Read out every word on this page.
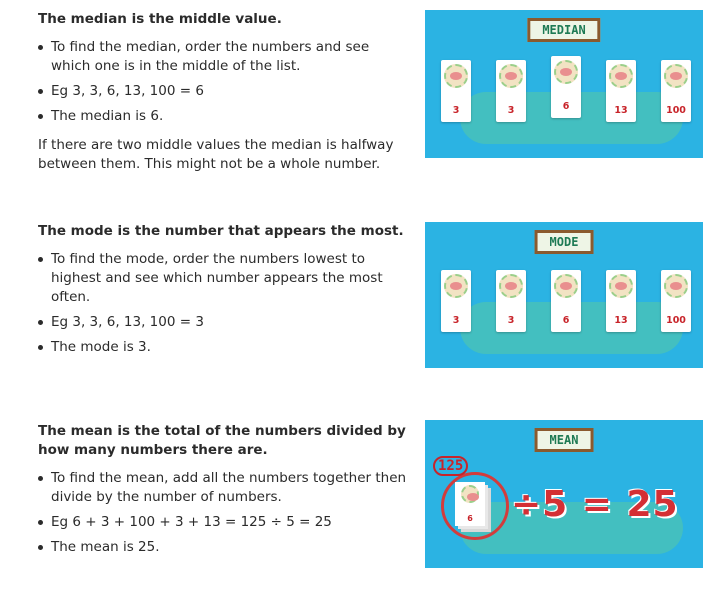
The median is the middle value.

To find the median, order the numbers and see which one is in the middle of the list.
Eg 3, 3, 6, 13, 100 = 6
The median is 6.

If there are two middle values the median is halfway between them. This might not be a whole number.

MEDIAN
3	3	6	13	100

The mode is the number that appears the most.

To find the mode, order the numbers lowest to highest and see which number appears the most often.
Eg 3, 3, 6, 13, 100 = 3
The mode is 3.
MODE
3	3	6	13	100

The mean is the total of the numbers divided by how many numbers there are.

To find the mean, add all the numbers together then divide by the number of numbers.
Eg 6 + 3 + 100 + 3 + 13 = 125 ÷ 5 = 25
The mean is 25.
MEAN
6
125
÷5 = 25
